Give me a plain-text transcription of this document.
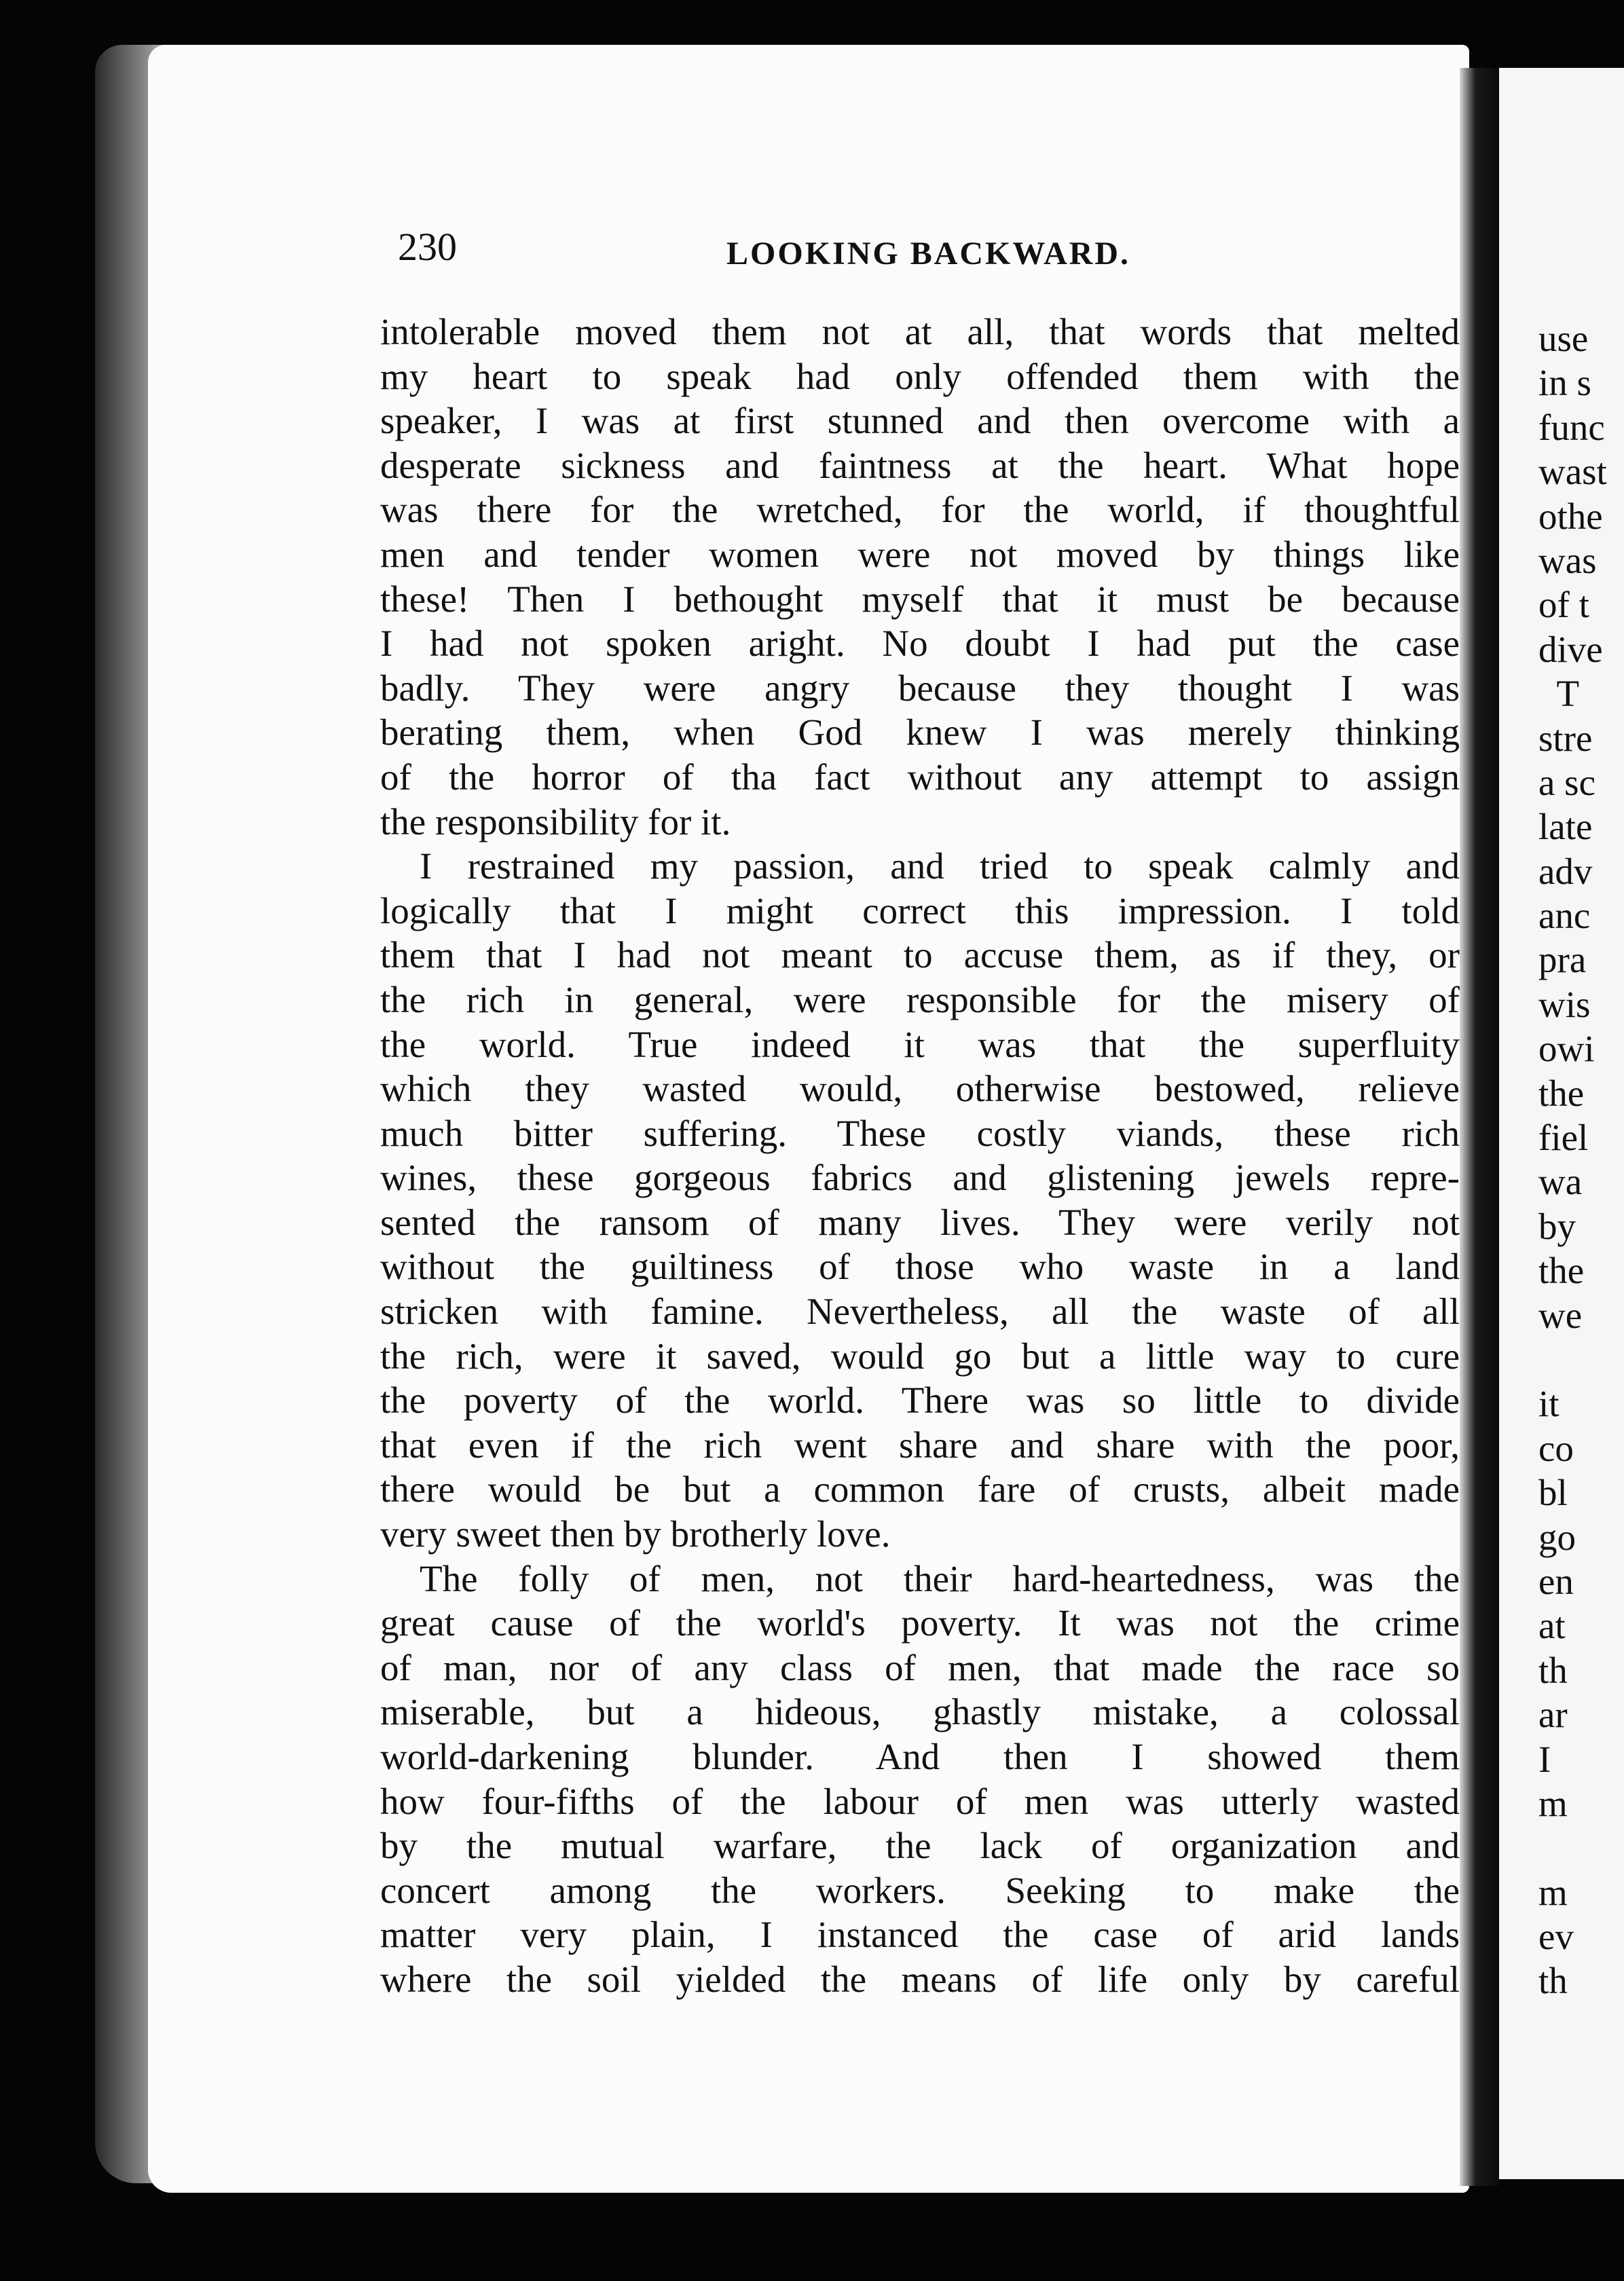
230	LOOKING BACKWARD.
intolerable moved them not at all, that words that melted
my heart to speak had only offended them with the
speaker, I was at first stunned and then overcome with a
desperate sickness and faintness at the heart. What hope
was there for the wretched, for the world, if thoughtful
men and tender women were not moved by things like
these! Then I bethought myself that it must be because
I had not spoken aright. No doubt I had put the case
badly. They were angry because they thought I was
berating them, when God knew I was merely thinking
of the horror of tha fact without any attempt to assign
the responsibility for it.
I restrained my passion, and tried to speak calmly and
logically that I might correct this impression. I told
them that I had not meant to accuse them, as if they, or
the rich in general, were responsible for the misery of
the world. True indeed it was that the superfluity
which they wasted would, otherwise bestowed, relieve
much bitter suffering. These costly viands, these rich
wines, these gorgeous fabrics and glistening jewels repre-
sented the ransom of many lives. They were verily not
without the guiltiness of those who waste in a land
stricken with famine. Nevertheless, all the waste of all
the rich, were it saved, would go but a little way to cure
the poverty of the world. There was so little to divide
that even if the rich went share and share with the poor,
there would be but a common fare of crusts, albeit made
very sweet then by brotherly love.
The folly of men, not their hard-heartedness, was the
great cause of the world's poverty. It was not the crime
of man, nor of any class of men, that made the race so
miserable, but a hideous, ghastly mistake, a colossal
world-darkening blunder. And then I showed them
how four-fifths of the labour of men was utterly wasted
by the mutual warfare, the lack of organization and
concert among the workers. Seeking to make the
matter very plain, I instanced the case of arid lands
where the soil yielded the means of life only by careful
use
in s
func
wast
othe
was
of t
dive
T
stre
a sc
late
adv
anc
pra
wis
owi
the
fiel
wa
by
the
we
it
co
bl
go
en
at
th
ar
I
m
m
ev
th
